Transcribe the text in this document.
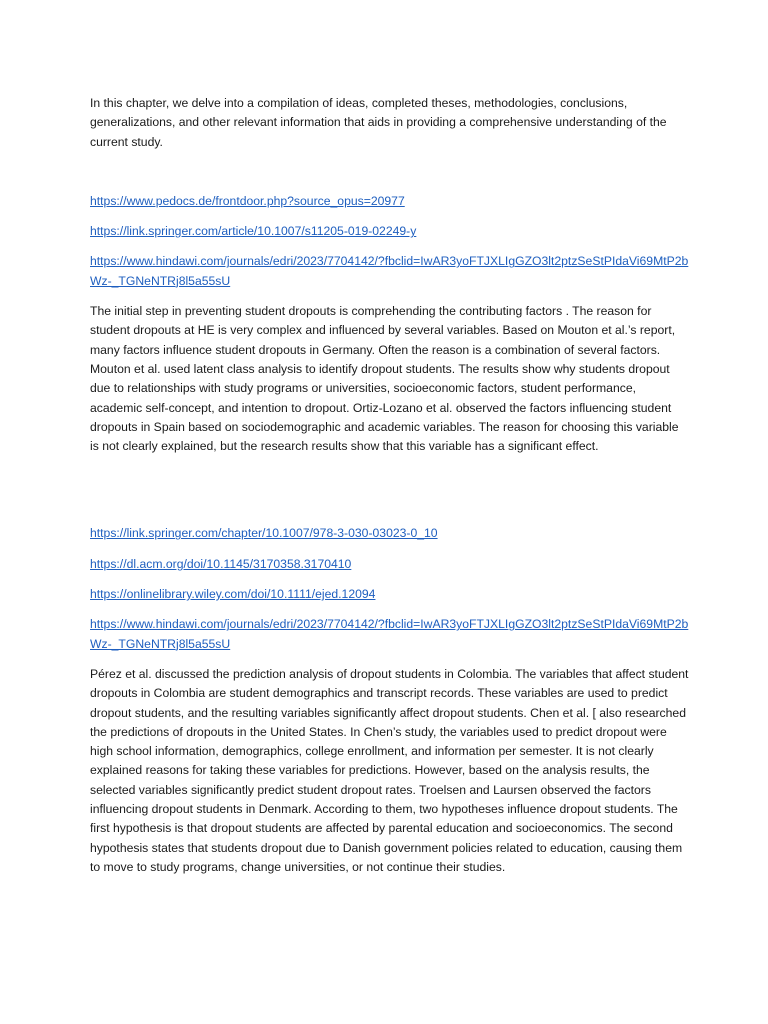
In this chapter, we delve into a compilation of ideas, completed theses, methodologies, conclusions, generalizations, and other relevant information that aids in providing a comprehensive understanding of the current study.

https://www.pedocs.de/frontdoor.php?source_opus=20977
https://link.springer.com/article/10.1007/s11205-019-02249-y
https://www.hindawi.com/journals/edri/2023/7704142/?fbclid=IwAR3yoFTJXLIgGZO3lt2ptzSeStPIdaVi69MtP2bWz-_TGNeNTRj8l5a55sU

The initial step in preventing student dropouts is comprehending the contributing factors . The reason for student dropouts at HE is very complex and influenced by several variables. Based on Mouton et al.’s report, many factors influence student dropouts in Germany. Often the reason is a combination of several factors. Mouton et al. used latent class analysis to identify dropout students. The results show why students dropout due to relationships with study programs or universities, socioeconomic factors, student performance, academic self-concept, and intention to dropout. Ortiz-Lozano et al. observed the factors influencing student dropouts in Spain based on sociodemographic and academic variables. The reason for choosing this variable is not clearly explained, but the research results show that this variable has a significant effect.

https://link.springer.com/chapter/10.1007/978-3-030-03023-0_10
https://dl.acm.org/doi/10.1145/3170358.3170410
https://onlinelibrary.wiley.com/doi/10.1111/ejed.12094
https://www.hindawi.com/journals/edri/2023/7704142/?fbclid=IwAR3yoFTJXLIgGZO3lt2ptzSeStPIdaVi69MtP2bWz-_TGNeNTRj8l5a55sU

Pérez et al. discussed the prediction analysis of dropout students in Colombia. The variables that affect student dropouts in Colombia are student demographics and transcript records. These variables are used to predict dropout students, and the resulting variables significantly affect dropout students. Chen et al. [ also researched the predictions of dropouts in the United States. In Chen’s study, the variables used to predict dropout were high school information, demographics, college enrollment, and information per semester. It is not clearly explained reasons for taking these variables for predictions. However, based on the analysis results, the selected variables significantly predict student dropout rates. Troelsen and Laursen observed the factors influencing dropout students in Denmark. According to them, two hypotheses influence dropout students. The first hypothesis is that dropout students are affected by parental education and socioeconomics. The second hypothesis states that students dropout due to Danish government policies related to education, causing them to move to study programs, change universities, or not continue their studies.
